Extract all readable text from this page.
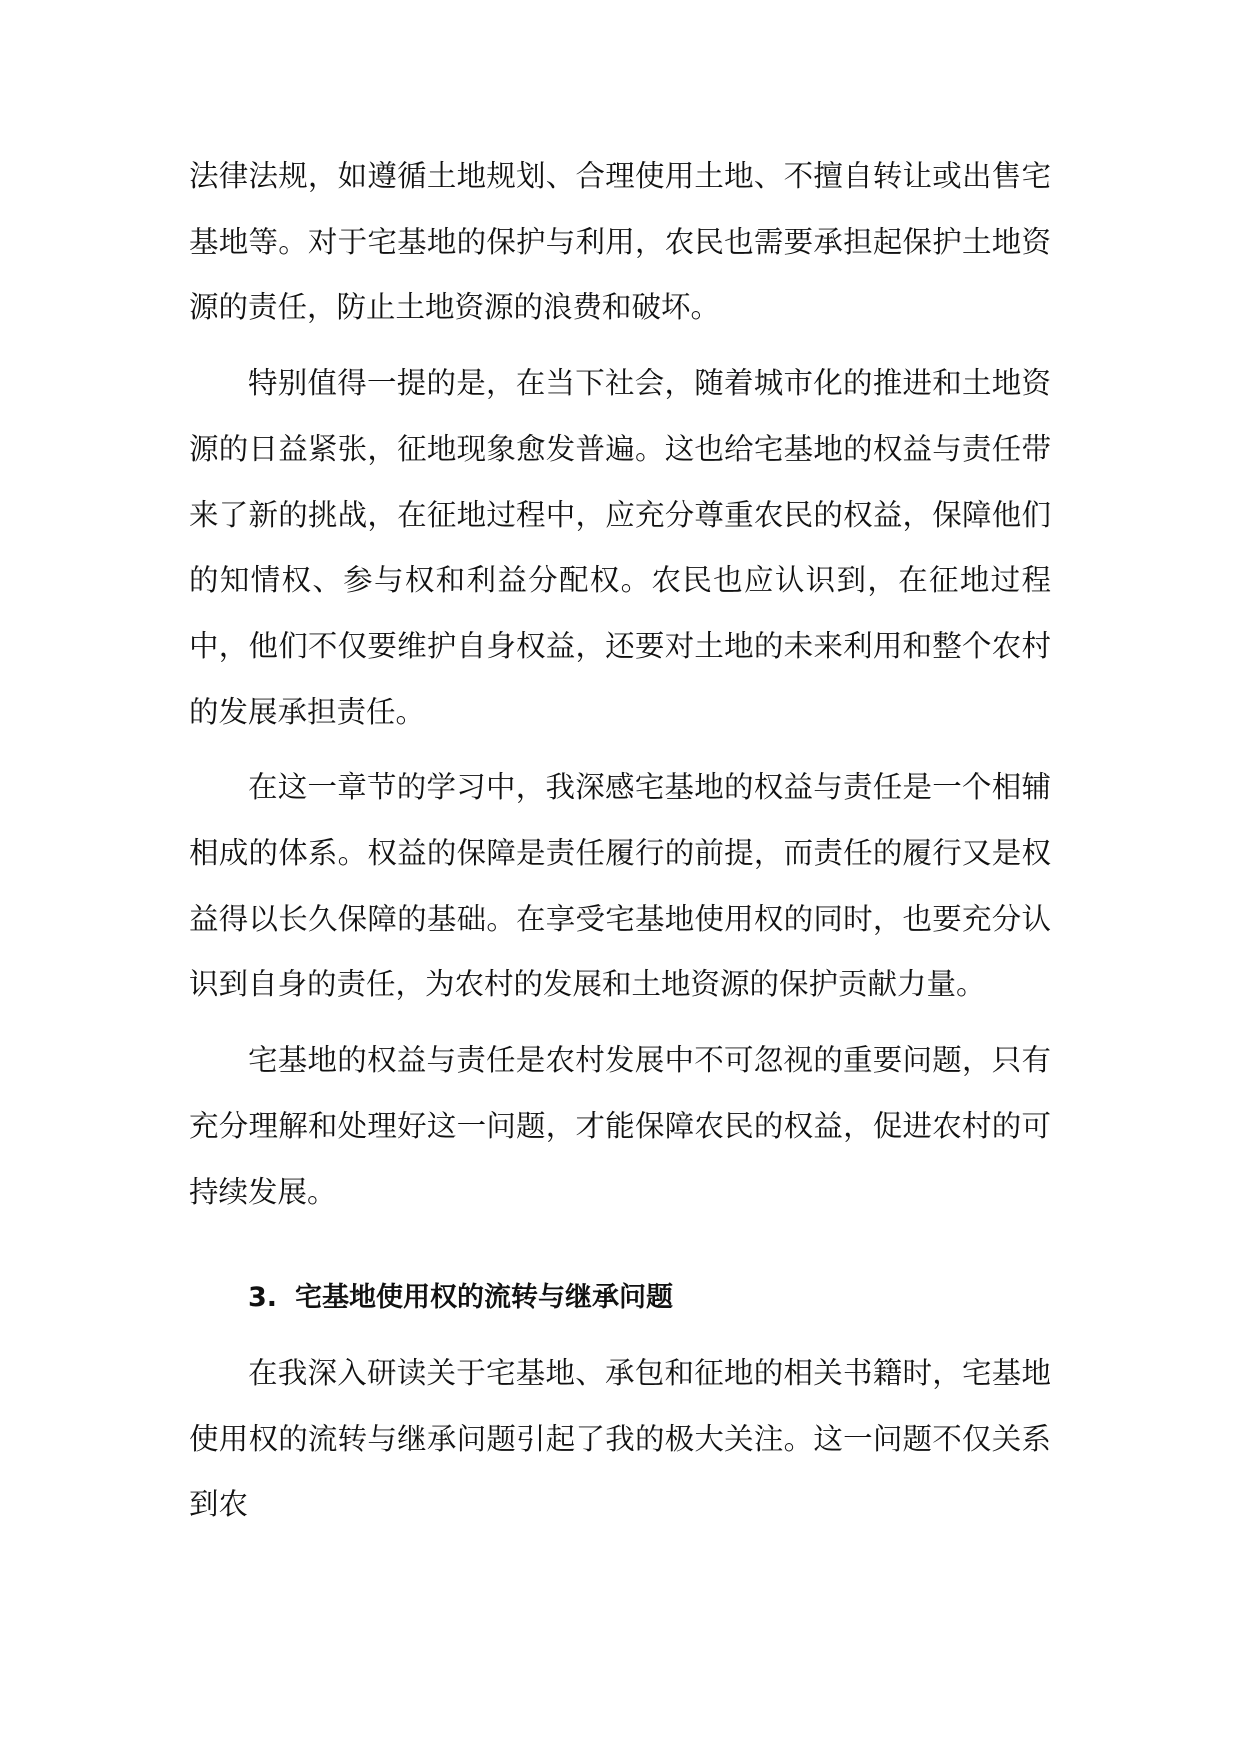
法律法规，如遵循土地规划、合理使用土地、不擅自转让或出售宅基地等。对于宅基地的保护与利用，农民也需要承担起保护土地资源的责任，防止土地资源的浪费和破坏。

特别值得一提的是，在当下社会，随着城市化的推进和土地资源的日益紧张，征地现象愈发普遍。这也给宅基地的权益与责任带来了新的挑战，在征地过程中，应充分尊重农民的权益，保障他们的知情权、参与权和利益分配权。农民也应认识到，在征地过程中，他们不仅要维护自身权益，还要对土地的未来利用和整个农村的发展承担责任。

在这一章节的学习中，我深感宅基地的权益与责任是一个相辅相成的体系。权益的保障是责任履行的前提，而责任的履行又是权益得以长久保障的基础。在享受宅基地使用权的同时，也要充分认识到自身的责任，为农村的发展和土地资源的保护贡献力量。

宅基地的权益与责任是农村发展中不可忽视的重要问题，只有充分理解和处理好这一问题，才能保障农民的权益，促进农村的可持续发展。

3. 宅基地使用权的流转与继承问题

在我深入研读关于宅基地、承包和征地的相关书籍时，宅基地使用权的流转与继承问题引起了我的极大关注。这一问题不仅关系到农
